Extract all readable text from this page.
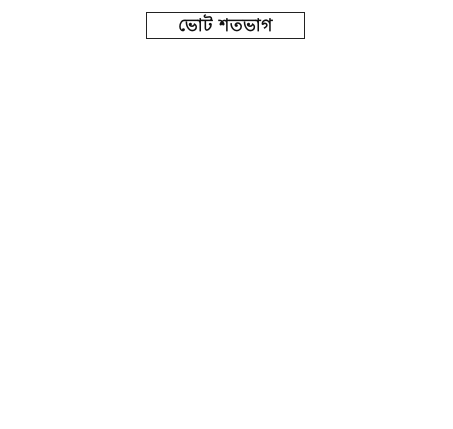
ভোট শতভাগ
